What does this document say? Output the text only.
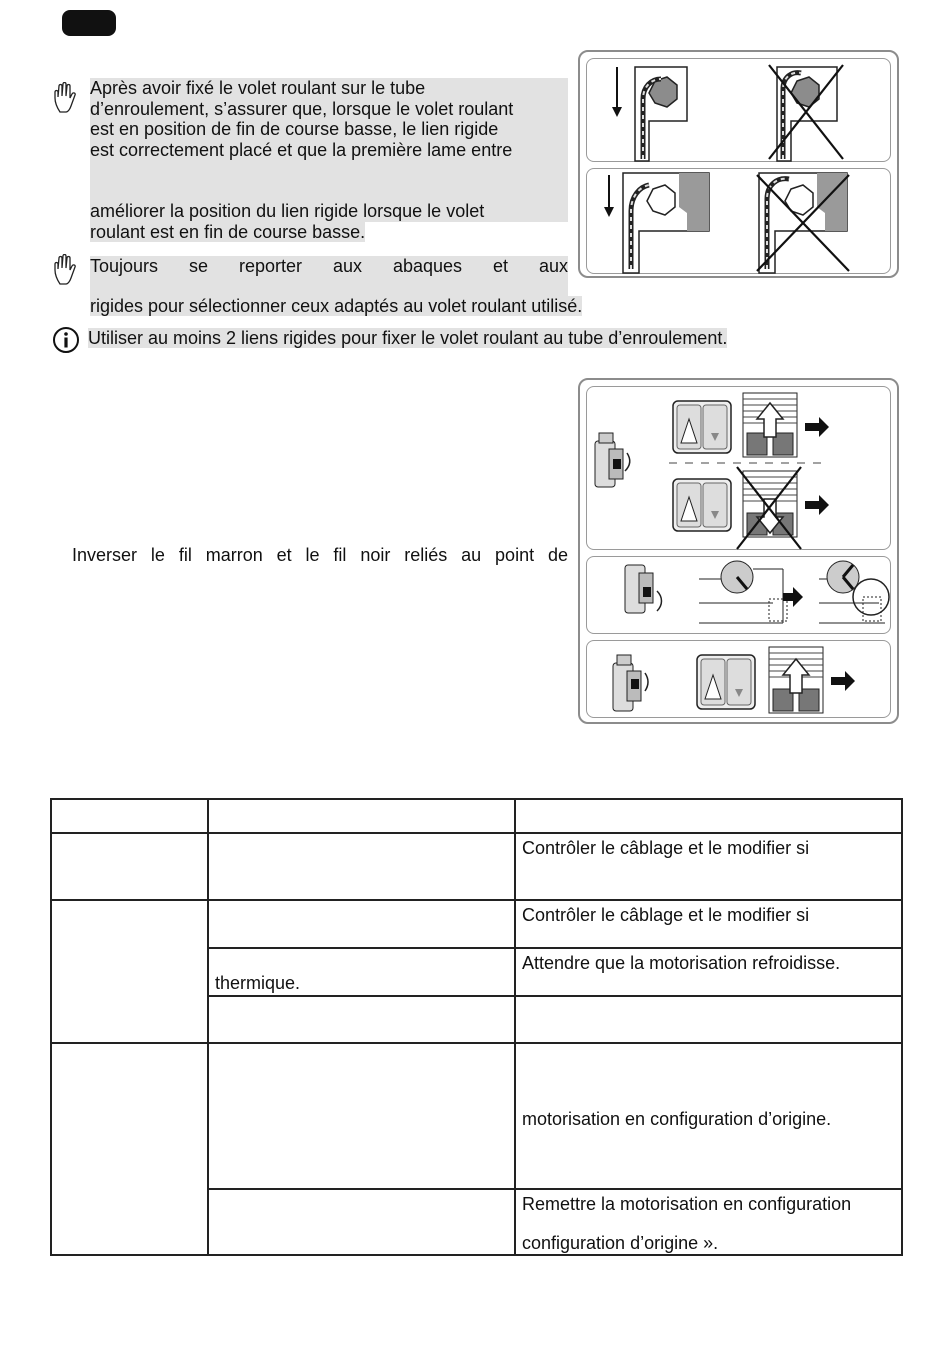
Après avoir fixé le volet roulant sur le tube
d’enroulement, s’assurer que, lorsque le volet roulant
est en position de fin de course basse, le lien rigide
est correctement placé et que la première lame entre
améliorer la position du lien rigide lorsque le volet
roulant est en fin de course basse.
Toujours se reporter aux abaques et aux
rigides pour sélectionner ceux adaptés au volet roulant utilisé.
Utiliser au moins 2 liens rigides pour fixer le volet roulant au tube d’enroulement.
Inverser le fil marron et le fil noir reliés au point de

		Contrôler le câblage et le modifier si
		Contrôler le câblage et le modifier si
	thermique.	Attendre que la motorisation refroidisse.

		motorisation en configuration d’origine.

		Remettre la motorisation en configuration
configuration d’origine ».
